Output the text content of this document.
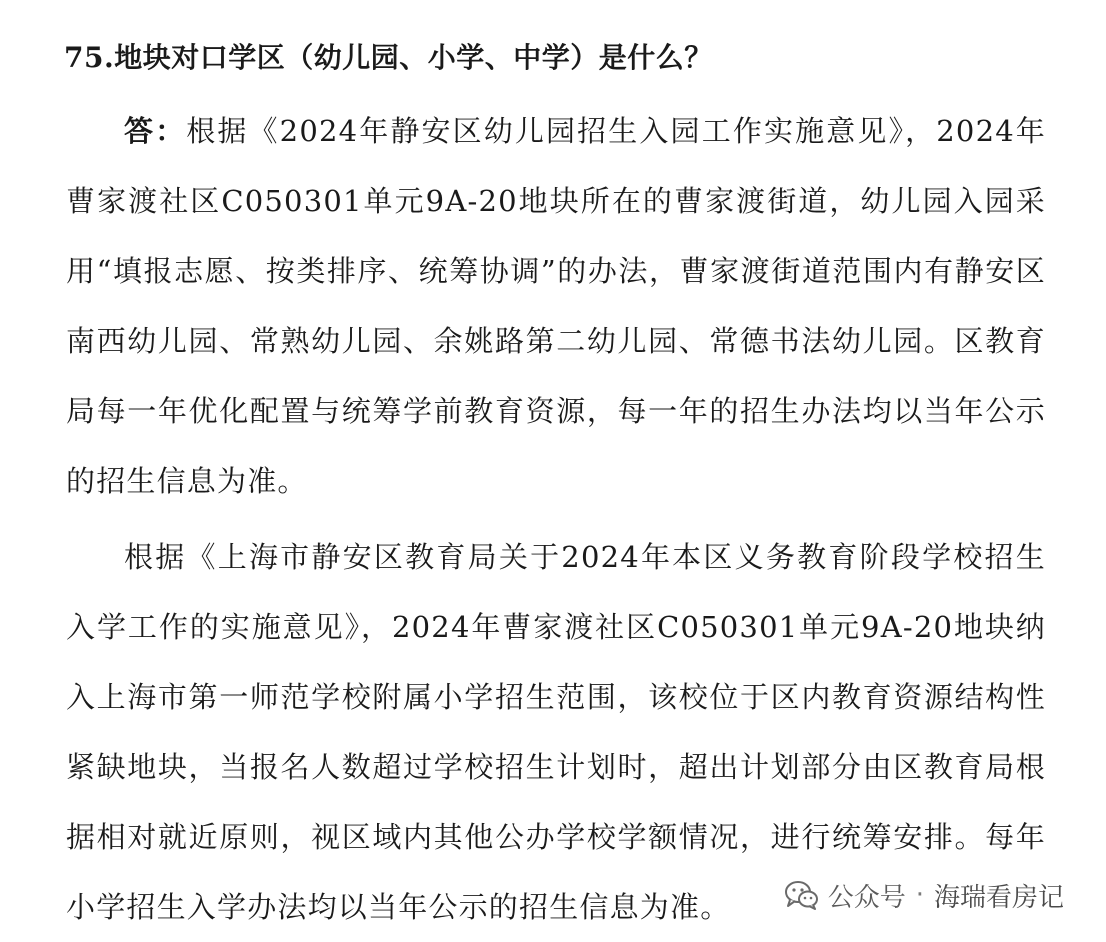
75.地块对口学区（幼儿园、小学、中学）是什么？

答：根据《2024年静安区幼儿园招生入园工作实施意见》，2024年曹家渡社区C050301单元9A-20地块所在的曹家渡街道，幼儿园入园采用“填报志愿、按类排序、统筹协调”的办法，曹家渡街道范围内有静安区南西幼儿园、常熟幼儿园、余姚路第二幼儿园、常德书法幼儿园。区教育局每一年优化配置与统筹学前教育资源，每一年的招生办法均以当年公示的招生信息为准。

根据《上海市静安区教育局关于2024年本区义务教育阶段学校招生入学工作的实施意见》，2024年曹家渡社区C050301单元9A-20地块纳入上海市第一师范学校附属小学招生范围，该校位于区内教育资源结构性紧缺地块，当报名人数超过学校招生计划时，超出计划部分由区教育局根据相对就近原则，视区域内其他公办学校学额情况，进行统筹安排。每年小学招生入学办法均以当年公示的招生信息为准。	公众号 · 海瑞看房记
